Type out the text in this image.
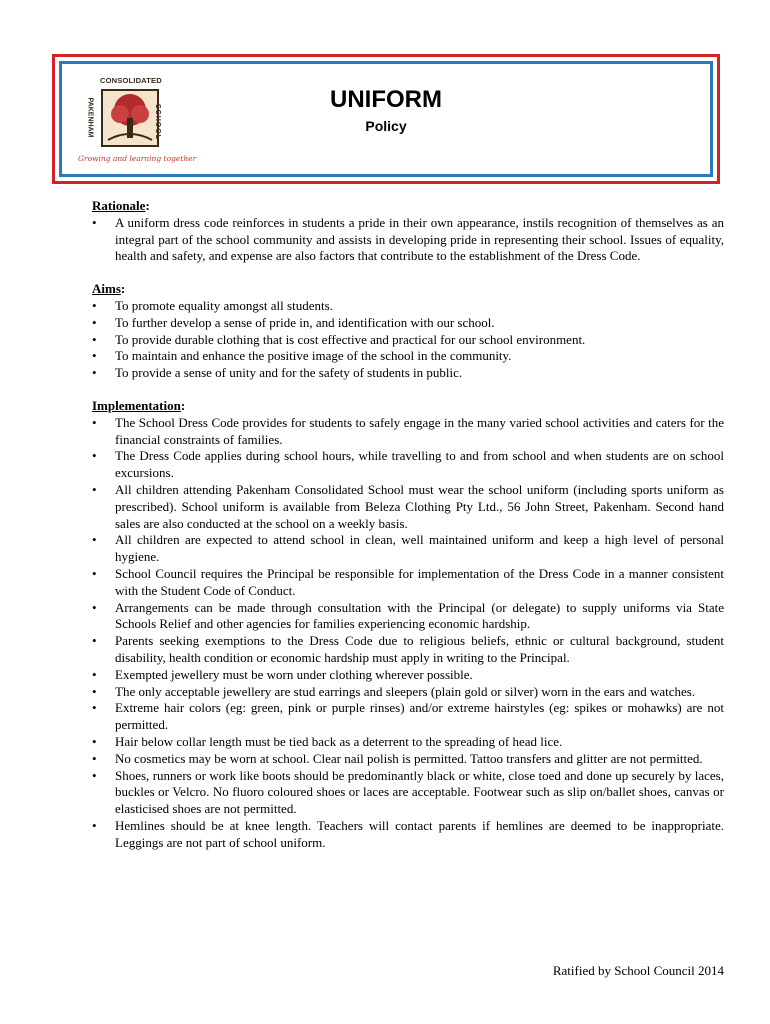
CONSOLIDATED
PAKENHAM	SCHOOL
Growing and learning together
UNIFORM
Policy
Rationale:
• A uniform dress code reinforces in students a pride in their own appearance, instils recognition of themselves as an integral part of the school community and assists in developing pride in representing their school. Issues of equality, health and safety, and expense are also factors that contribute to the establishment of the Dress Code.
Aims:
• To promote equality amongst all students.
• To further develop a sense of pride in, and identification with our school.
• To provide durable clothing that is cost effective and practical for our school environment.
• To maintain and enhance the positive image of the school in the community.
• To provide a sense of unity and for the safety of students in public.
Implementation:
• The School Dress Code provides for students to safely engage in the many varied school activities and caters for the financial constraints of families.
• The Dress Code applies during school hours, while travelling to and from school and when students are on school excursions.
• All children attending Pakenham Consolidated School must wear the school uniform (including sports uniform as prescribed). School uniform is available from Beleza Clothing Pty Ltd., 56 John Street, Pakenham. Second hand sales are also conducted at the school on a weekly basis.
• All children are expected to attend school in clean, well maintained uniform and keep a high level of personal hygiene.
• School Council requires the Principal be responsible for implementation of the Dress Code in a manner consistent with the Student Code of Conduct.
• Arrangements can be made through consultation with the Principal (or delegate) to supply uniforms via State Schools Relief and other agencies for families experiencing economic hardship.
• Parents seeking exemptions to the Dress Code due to religious beliefs, ethnic or cultural background, student disability, health condition or economic hardship must apply in writing to the Principal.
• Exempted jewellery must be worn under clothing wherever possible.
• The only acceptable jewellery are stud earrings and sleepers (plain gold or silver) worn in the ears and watches.
• Extreme hair colors (eg: green, pink or purple rinses) and/or extreme hairstyles (eg: spikes or mohawks) are not permitted.
• Hair below collar length must be tied back as a deterrent to the spreading of head lice.
• No cosmetics may be worn at school. Clear nail polish is permitted. Tattoo transfers and glitter are not permitted.
• Shoes, runners or work like boots should be predominantly black or white, close toed and done up securely by laces, buckles or Velcro. No fluoro coloured shoes or laces are acceptable. Footwear such as slip on/ballet shoes, canvas or elasticised shoes are not permitted.
• Hemlines should be at knee length. Teachers will contact parents if hemlines are deemed to be inappropriate. Leggings are not part of school uniform.
Ratified by School Council 2014
